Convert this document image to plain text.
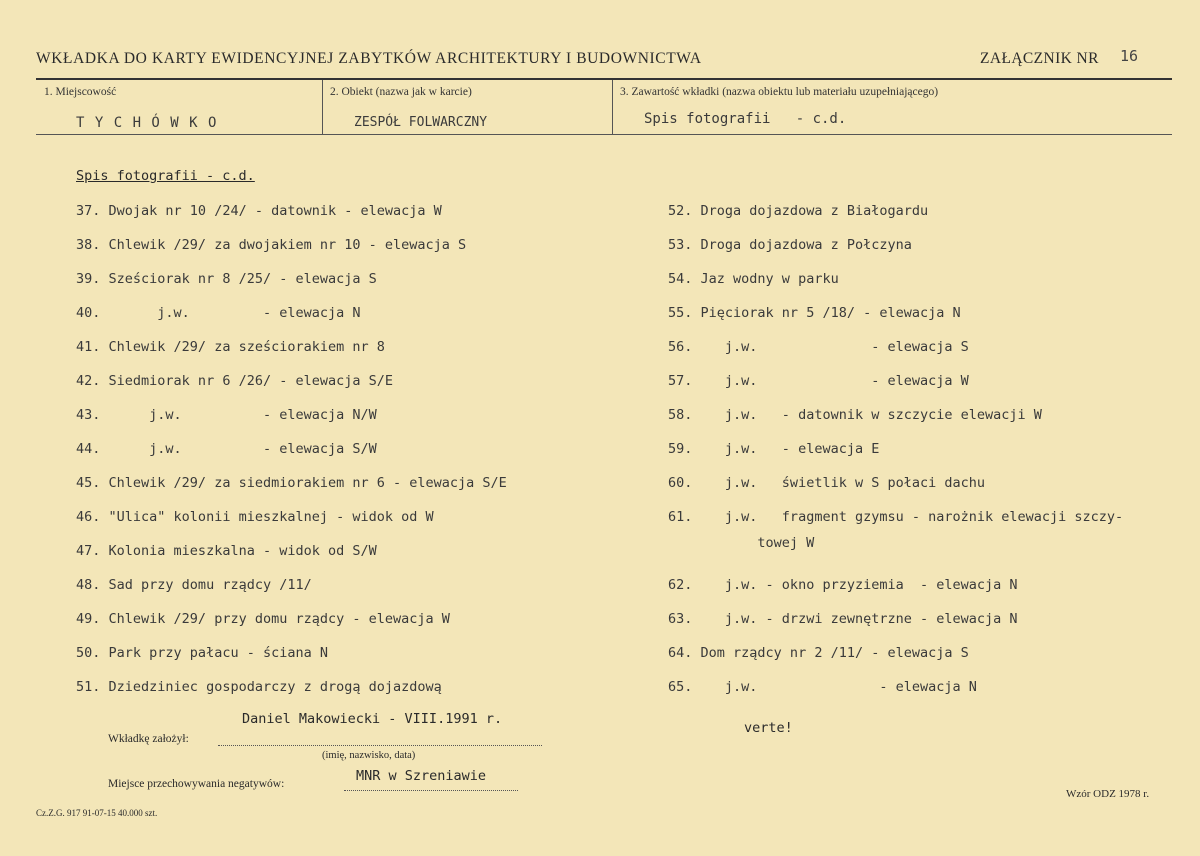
WKŁADKA DO KARTY EWIDENCYJNEJ ZABYTKÓW ARCHITEKTURY I BUDOWNICTWA	ZAŁĄCZNIK NR 16
1. Miejscowość
T Y C H Ó W K O
2. Obiekt (nazwa jak w karcie)
ZESPÓŁ FOLWARCZNY
3. Zawartość wkładki (nazwa obiektu lub materiału uzupełniającego)
Spis fotografii   - c.d.
Spis fotografii - c.d.
37. Dwojak nr 10 /24/ - datownik - elewacja W
38. Chlewik /29/ za dwojakiem nr 10 - elewacja S
39. Sześciorak nr 8 /25/ - elewacja S
40.       j.w.         - elewacja N
41. Chlewik /29/ za sześciorakiem nr 8
42. Siedmiorak nr 6 /26/ - elewacja S/E
43.      j.w.          - elewacja N/W
44.      j.w.          - elewacja S/W
45. Chlewik /29/ za siedmiorakiem nr 6 - elewacja S/E
46. "Ulica" kolonii mieszkalnej - widok od W
47. Kolonia mieszkalna - widok od S/W
48. Sad przy domu rządcy /11/
49. Chlewik /29/ przy domu rządcy - elewacja W
50. Park przy pałacu - ściana N
51. Dziedziniec gospodarczy z drogą dojazdową
52. Droga dojazdowa z Białogardu
53. Droga dojazdowa z Połczyna
54. Jaz wodny w parku
55. Pięciorak nr 5 /18/ - elewacja N
56.    j.w.              - elewacja S
57.    j.w.              - elewacja W
58.    j.w.   - datownik w szczycie elewacji W
59.    j.w.   - elewacja E
60.    j.w.   świetlik w S połaci dachu
61.    j.w.   fragment gzymsu - narożnik elewacji szczy-
towej W
62.    j.w. - okno przyziemia  - elewacja N
63.    j.w. - drzwi zewnętrzne - elewacja N
64. Dom rządcy nr 2 /11/ - elewacja S
65.    j.w.               - elewacja N
Daniel Makowiecki - VIII.1991 r.
Wkładkę założył:
(imię, nazwisko, data)
verte!
MNR w Szreniawie
Miejsce przechowywania negatywów:
Cz.Z.G. 917 91-07-15 40.000 szt.
Wzór ODZ 1978 r.
